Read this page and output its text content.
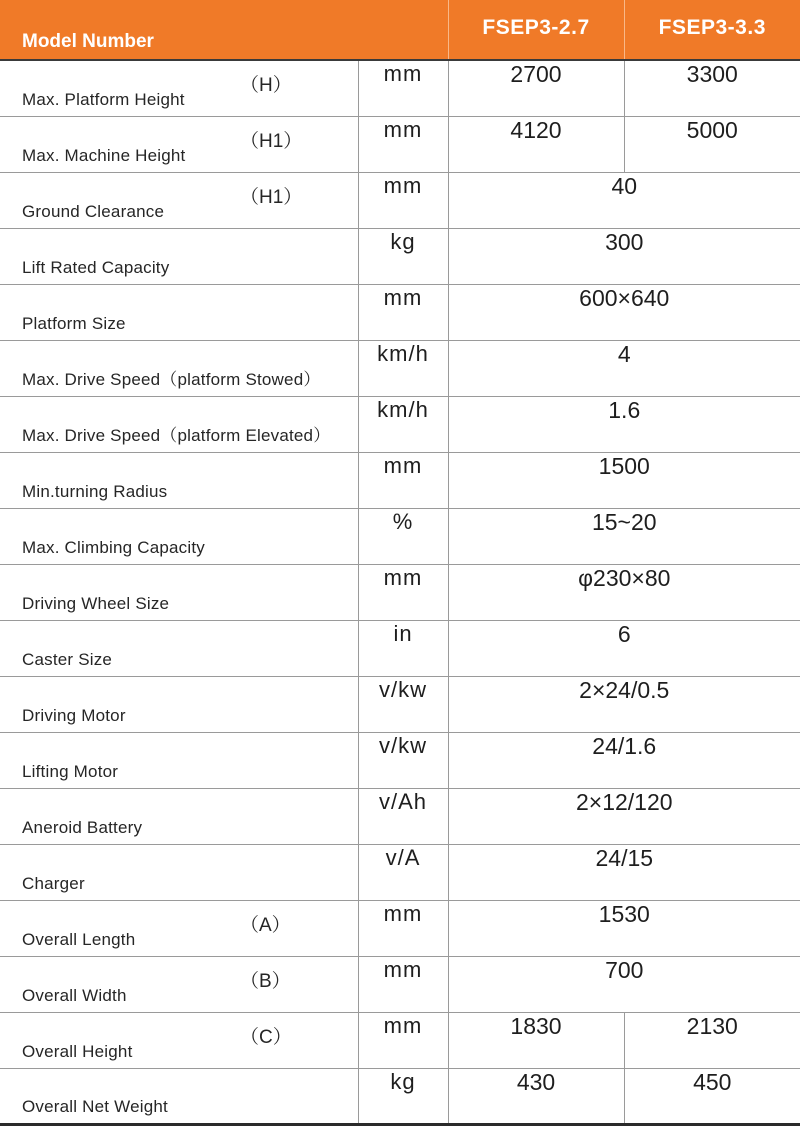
Model Number		FSEP3-2.7	FSEP3-3.3

Max. Platform Height
（H）	mm	2700	3300

Max. Machine Height
（H1）	mm	4120	5000

Ground Clearance
（H1）	mm	40	

Lift Rated Capacity	kg	300	

Platform Size	mm	600×640	

Max. Drive Speed（platform Stowed）	km/h	4	

Max. Drive Speed（platform Elevated）	km/h	1.6	

Min.turning Radius	mm	1500	

Max. Climbing Capacity	%	15~20	

Driving Wheel Size	mm	φ230×80	

Caster Size	in	6	

Driving Motor	v/kw	2×24/0.5	

Lifting Motor	v/kw	24/1.6	

Aneroid Battery	v/Ah	2×12/120	

Charger	v/A	24/15	

Overall Length
（A）	mm	1530	

Overall Width
（B）	mm	700	

Overall Height
（C）	mm	1830	2130

Overall Net Weight	kg	430	450
